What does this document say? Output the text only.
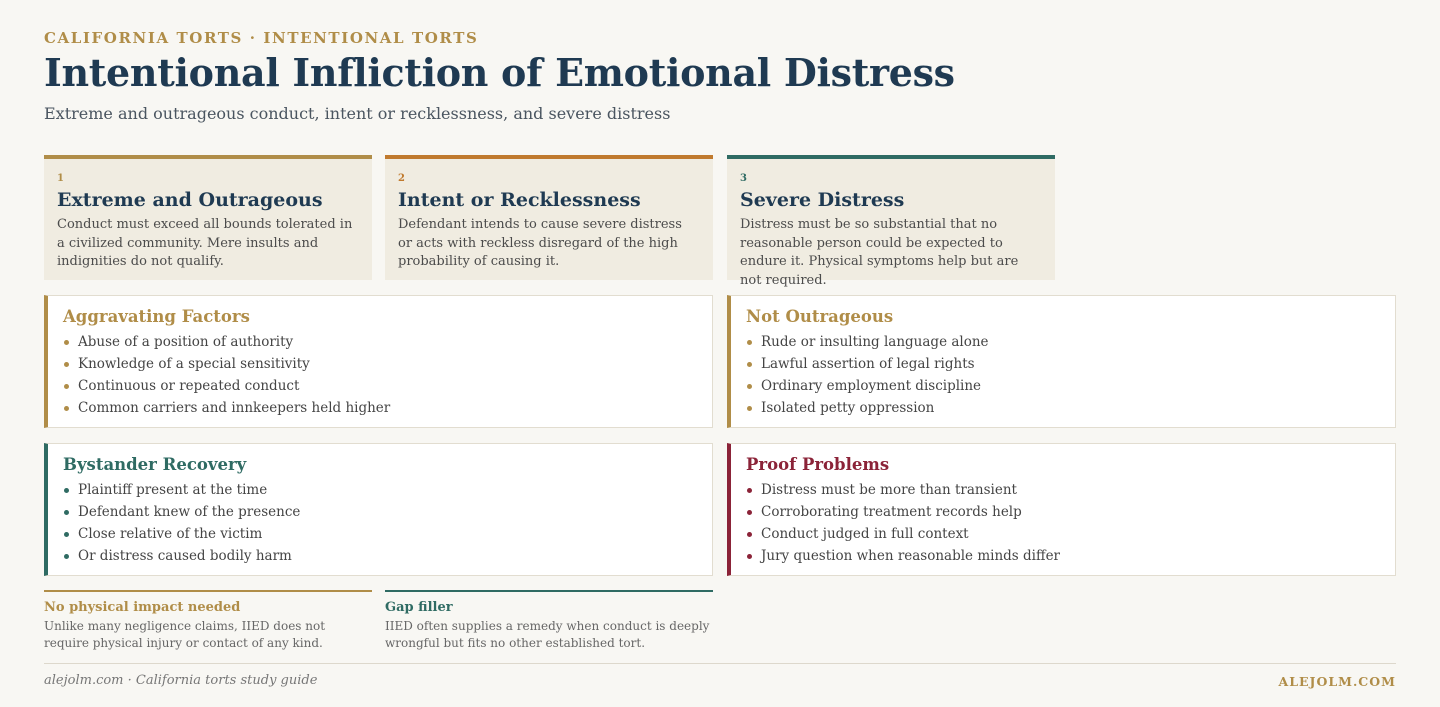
CALIFORNIA TORTS · INTENTIONAL TORTS
Intentional Infliction of Emotional Distress
Extreme and outrageous conduct, intent or recklessness, and severe distress
1
Extreme and Outrageous
Conduct must exceed all bounds tolerated in a civilized community. Mere insults and indignities do not qualify.
2
Intent or Recklessness
Defendant intends to cause severe distress or acts with reckless disregard of the high probability of causing it.
3
Severe Distress
Distress must be so substantial that no reasonable person could be expected to endure it. Physical symptoms help but are not required.
Aggravating Factors
Abuse of a position of authority
Knowledge of a special sensitivity
Continuous or repeated conduct
Common carriers and innkeepers held higher
Not Outrageous
Rude or insulting language alone
Lawful assertion of legal rights
Ordinary employment discipline
Isolated petty oppression
Bystander Recovery
Plaintiff present at the time
Defendant knew of the presence
Close relative of the victim
Or distress caused bodily harm
Proof Problems
Distress must be more than transient
Corroborating treatment records help
Conduct judged in full context
Jury question when reasonable minds differ
No physical impact needed
Unlike many negligence claims, IIED does not require physical injury or contact of any kind.
Gap filler
IIED often supplies a remedy when conduct is deeply wrongful but fits no other established tort.
alejolm.com · California torts study guide	ALEJOLM.COM
